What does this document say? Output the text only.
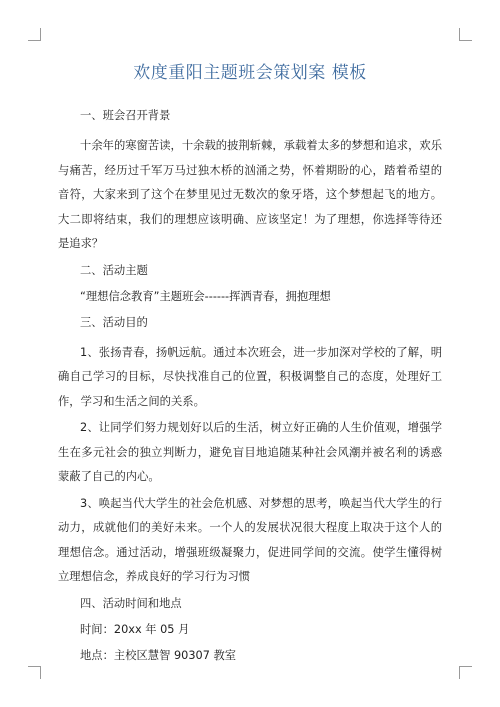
欢度重阳主题班会策划案 模板
一、班会召开背景

十余年的寒窗苦读，十余载的披荆斩棘，承载着太多的梦想和追求，欢乐与痛苦，经历过千军万马过独木桥的汹涌之势，怀着期盼的心，踏着希望的音符，大家来到了这个在梦里见过无数次的象牙塔，这个梦想起飞的地方。大二即将结束，我们的理想应该明确、应该坚定！为了理想，你选择等待还是追求？

二、活动主题
“理想信念教育”主题班会------挥洒青春，拥抱理想
三、活动目的

1、张扬青春，扬帆远航。通过本次班会，进一步加深对学校的了解，明确自己学习的目标，尽快找准自己的位置，积极调整自己的态度，处理好工作，学习和生活之间的关系。

2、让同学们努力规划好以后的生活，树立好正确的人生价值观，增强学生在多元社会的独立判断力，避免盲目地追随某种社会风潮并被名利的诱惑蒙蔽了自己的内心。

3、唤起当代大学生的社会危机感、对梦想的思考，唤起当代大学生的行动力，成就他们的美好未来。一个人的发展状况很大程度上取决于这个人的理想信念。通过活动，增强班级凝聚力，促进同学间的交流。使学生懂得树立理想信念，养成良好的学习行为习惯

四、活动时间和地点
时间：20xx 年 05 月
地点：主校区慧智 90307 教室
